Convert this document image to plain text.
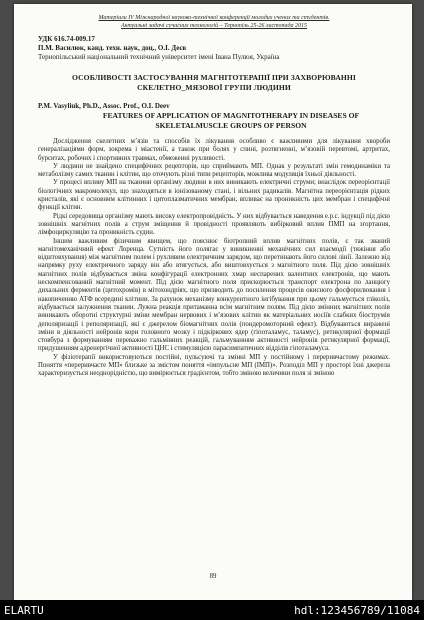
Матеріали IV Міжнародної науково-технічної конференції молодих учених та студентів.
Актуальні задачі сучасних технологій – Тернопіль 25-26 листопада 2015
УДК 616.74-009.17
П.М. Василюк, канд. техн. наук, доц., О.І. Деєв
Тернопільський національний технічний університет імені Івана Пулюя, Україна
ОСОБЛИВОСТІ ЗАСТОСУВАННЯ МАГНІТОТЕРАПІЇ ПРИ ЗАХВОРЮВАННІ СКЕЛЕТНО_МЯЗОВОЇ ГРУПИ ЛЮДИНИ
P.M. Vasyliuk, Ph.D., Assoc. Prof., O.I. Deev
FEATURES OF APPLICATION OF MAGNITOTHERAPY IN DISEASES OF SKELETALMUSCLE GROUPS OF PERSON

Дослідження скелетних м’язів та способів їх лікування особливо є важливими для лікування хвороби генералізаціями форм, зокрема і міастенії, а також при болях у спині, розтягненні, м’язовій перевтомі, артритах, бурситах, робочих і спортивних травмах, обмеженні рухливості.

У людини не знайдено специфічних рецепторів, що сприймають МП. Однак у результаті змін гемодинаміки та метаболізму самих тканин і клітин, що оточують різні типи рецепторів, можлива модуляція їхньої діяльності.

У процесі впливу МП на тканини організму людини в них виникають електричні струми; внаслідок переорієнтації біологічних макромолекул, що знаходяться в іонізованому стані, і вільних радикалів. Магнітна переорієнтація рідких кристалів, які є основним клітинних і цитоплазматичних мембран, впливає на проникність цих мембран і специфічні функції клітин.

Рідкі середовища організму мають високу електропровідність. У них відбувається наведення е.р.с. індукції під дією зовнішніх магнітних полів а струм зміщення й провідності проявляють вибірковий вплив ПМП на згортання, лімфоциркуляцію та проникність судин.

Іншим важливим фізичним явищем, що пояснює біотропний вплив магнітних полів, є так званий магнітомеханічний ефект Лоренца. Сутність його полягає у виникненні механічних сил взаємодії (тяжіння або відштовхування) між магнітним полем і рухливим електричним зарядом, що перетинають його силові лінії. Залежно від напрямку руху електричного заряду він або втягується, або виштовхується з магнітного поля. Під дією зовнішніх магнітних полів відбувається зміна конфігурації електронних хмар неспарених валентних електронів, що мають нескомпенсований магнітний момент. Під дією магнітного поля прискорюється транспорт електрона по ланцюгу дихальних ферментів (цитохромів) в мітохондріях, що призводить до посилення процесів окисного фосфорилювання і накопиченню АТФ всередині клітини. За рахунок механізму конкурентного інгібування при цьому гальмується гліколіз, відбувається залужнення тканин. Лужна реакція притаманна всім магнітним полям. Під дією змінних магнітних полів виникають оборотні структурні зміни мембран нервових і м’язових клітин як матеріальних носіїв слабких біострумів деполяризації і реполяризації, які є джерелом біомагнітних полів (пондеромоторний ефект). Відбуваються виражені зміни в діяльності нейронів кори головного мозку і підкіркових ядер (гіпоталамус, таламус), ретикулярної формації стовбура з формуванням переважно гальмівних реакцій, гальмуванням активності нейронів ретикулярної формації, придушенням адренергічної активності ЦНС і стимуляцією парасимпатичних відділів гіпоталамуса.

У фізіотерапії використовуються постійні, пульсуючі та змінні МП у постійному і переривчастому режимах. Поняття «переривчасте МП» близьке за змістом поняття «імпульсне МП (ІМП)». Розподіл МП у просторі їхні джерела характеризується неоднорідністю, що вимірюється градієнтом, тобто зміною величини поля зі зміною

89
ELARTU	hdl:123456789/11084
